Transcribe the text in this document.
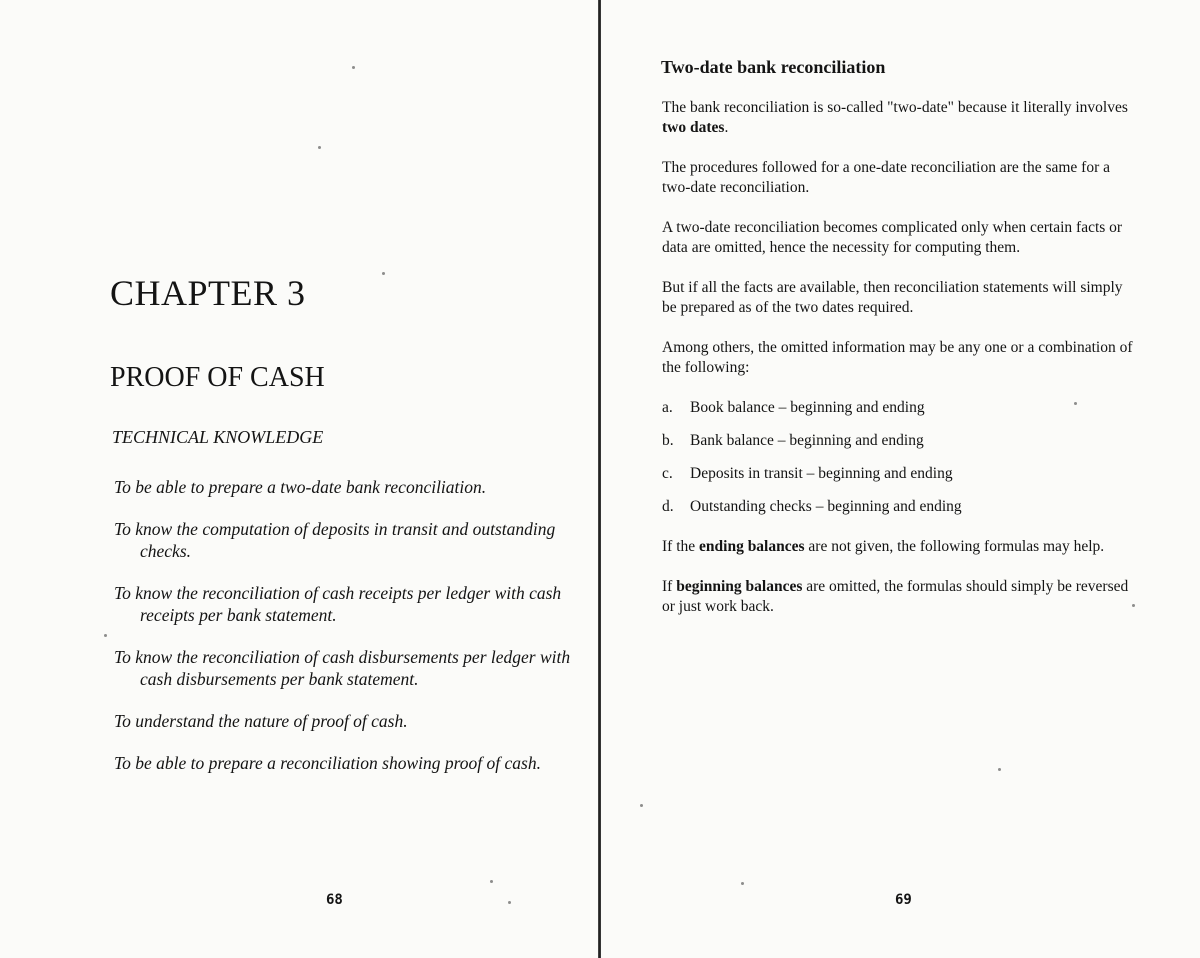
CHAPTER 3
PROOF OF CASH
TECHNICAL KNOWLEDGE
To be able to prepare a two-date bank reconciliation.
To know the computation of deposits in transit and outstanding checks.
To know the reconciliation of cash receipts per ledger with cash receipts per bank statement.
To know the reconciliation of cash disbursements per ledger with cash disbursements per bank statement.
To understand the nature of proof of cash.
To be able to prepare a reconciliation showing proof of cash.

68

Two-date bank reconciliation

The bank reconciliation is so-called "two-date" because it literally involves two dates.

The procedures followed for a one-date reconciliation are the same for a two-date reconciliation.

A two-date reconciliation becomes complicated only when certain facts or data are omitted, hence the necessity for computing them.

But if all the facts are available, then reconciliation statements will simply be prepared as of the two dates required.

Among others, the omitted information may be any one or a combination of the following:

a. Book balance – beginning and ending
b. Bank balance – beginning and ending
c. Deposits in transit – beginning and ending
d. Outstanding checks – beginning and ending

If the ending balances are not given, the following formulas may help.

If beginning balances are omitted, the formulas should simply be reversed or just work back.

69
